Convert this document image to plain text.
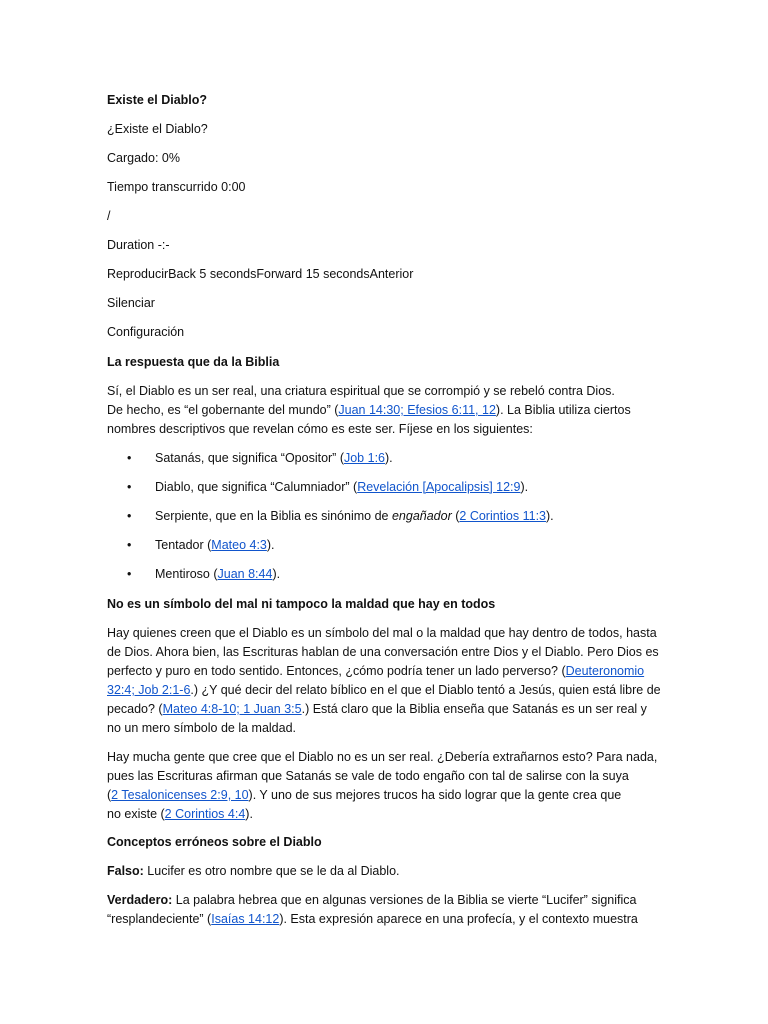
Existe el Diablo?
¿Existe el Diablo?
Cargado: 0%
Tiempo transcurrido 0:00
/
Duration -:-
ReproducirBack 5 secondsForward 15 secondsAnterior
Silenciar
Configuración
La respuesta que da la Biblia
Sí, el Diablo es un ser real, una criatura espiritual que se corrompió y se rebeló contra Dios.
De hecho, es “el gobernante del mundo” (Juan 14:30; Efesios 6:11, 12). La Biblia utiliza ciertos
nombres descriptivos que revelan cómo es este ser. Fíjese en los siguientes:
• Satanás, que significa “Opositor” (Job 1:6).
• Diablo, que significa “Calumniador” (Revelación [Apocalipsis] 12:9).
• Serpiente, que en la Biblia es sinónimo de engañador (2 Corintios 11:3).
• Tentador (Mateo 4:3).
• Mentiroso (Juan 8:44).
No es un símbolo del mal ni tampoco la maldad que hay en todos
Hay quienes creen que el Diablo es un símbolo del mal o la maldad que hay dentro de todos, hasta
de Dios. Ahora bien, las Escrituras hablan de una conversación entre Dios y el Diablo. Pero Dios es
perfecto y puro en todo sentido. Entonces, ¿cómo podría tener un lado perverso? (Deuteronomio
32:4; Job 2:1-6.) ¿Y qué decir del relato bíblico en el que el Diablo tentó a Jesús, quien está libre de
pecado? (Mateo 4:8-10; 1 Juan 3:5.) Está claro que la Biblia enseña que Satanás es un ser real y
no un mero símbolo de la maldad.
Hay mucha gente que cree que el Diablo no es un ser real. ¿Debería extrañarnos esto? Para nada,
pues las Escrituras afirman que Satanás se vale de todo engaño con tal de salirse con la suya
(2 Tesalonicenses 2:9, 10). Y uno de sus mejores trucos ha sido lograr que la gente crea que
no existe (2 Corintios 4:4).
Conceptos erróneos sobre el Diablo
Falso: Lucifer es otro nombre que se le da al Diablo.
Verdadero: La palabra hebrea que en algunas versiones de la Biblia se vierte “Lucifer” significa
“resplandeciente” (Isaías 14:12). Esta expresión aparece en una profecía, y el contexto muestra
